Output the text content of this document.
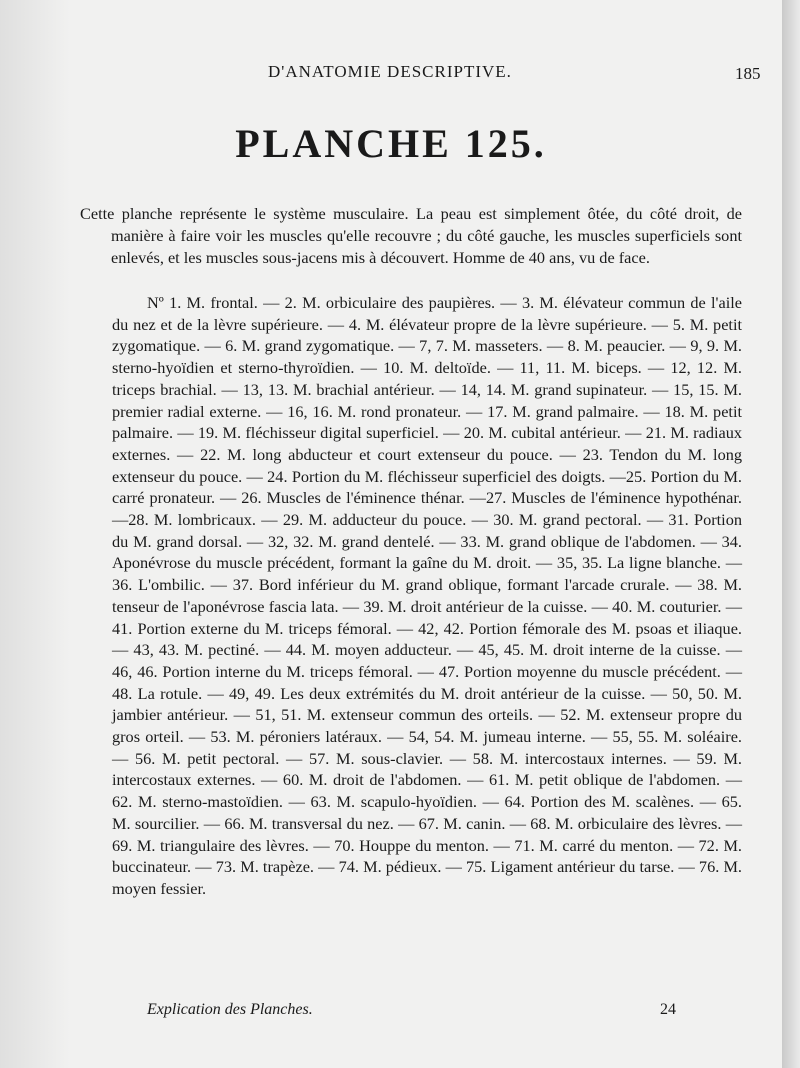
D'ANATOMIE DESCRIPTIVE.	185
PLANCHE 125.

Cette planche représente le système musculaire. La peau est simplement ôtée, du côté droit, de manière à faire voir les muscles qu'elle recouvre ; du côté gauche, les muscles superficiels sont enlevés, et les muscles sous-jacens mis à découvert. Homme de 40 ans, vu de face.

Nº 1. M. frontal. — 2. M. orbiculaire des paupières. — 3. M. élévateur commun de l'aile du nez et de la lèvre supérieure. — 4. M. élévateur propre de la lèvre supérieure. — 5. M. petit zygomatique. — 6. M. grand zygomatique. — 7, 7. M. masseters. — 8. M. peaucier. — 9, 9. M. sterno-hyoïdien et sterno-thyroïdien. — 10. M. deltoïde. — 11, 11. M. biceps. — 12, 12. M. triceps brachial. — 13, 13. M. brachial antérieur. — 14, 14. M. grand supinateur. — 15, 15. M. premier radial externe. — 16, 16. M. rond pronateur. — 17. M. grand palmaire. — 18. M. petit palmaire. — 19. M. fléchisseur digital superficiel. — 20. M. cubital antérieur. — 21. M. radiaux externes. — 22. M. long abducteur et court extenseur du pouce. — 23. Tendon du M. long extenseur du pouce. — 24. Portion du M. fléchisseur superficiel des doigts. —25. Portion du M. carré pronateur. — 26. Muscles de l'éminence thénar. —27. Muscles de l'éminence hypothénar. —28. M. lombricaux. — 29. M. adducteur du pouce. — 30. M. grand pectoral. — 31. Portion du M. grand dorsal. — 32, 32. M. grand dentelé. — 33. M. grand oblique de l'abdomen. — 34. Aponévrose du muscle précédent, formant la gaîne du M. droit. — 35, 35. La ligne blanche. — 36. L'ombilic. — 37. Bord inférieur du M. grand oblique, formant l'arcade crurale. — 38. M. tenseur de l'aponévrose fascia lata. — 39. M. droit antérieur de la cuisse. — 40. M. couturier. — 41. Portion externe du M. triceps fémoral. — 42, 42. Portion fémorale des M. psoas et iliaque. — 43, 43. M. pectiné. — 44. M. moyen adducteur. — 45, 45. M. droit interne de la cuisse. — 46, 46. Portion interne du M. triceps fémoral. — 47. Portion moyenne du muscle précédent. — 48. La rotule. — 49, 49. Les deux extrémités du M. droit antérieur de la cuisse. — 50, 50. M. jambier antérieur. — 51, 51. M. extenseur commun des orteils. — 52. M. extenseur propre du gros orteil. — 53. M. péroniers latéraux. — 54, 54. M. jumeau interne. — 55, 55. M. soléaire. — 56. M. petit pectoral. — 57. M. sous-clavier. — 58. M. intercostaux internes. — 59. M. intercostaux externes. — 60. M. droit de l'abdomen. — 61. M. petit oblique de l'abdomen. — 62. M. sterno-mastoïdien. — 63. M. scapulo-hyoïdien. — 64. Portion des M. scalènes. — 65. M. sourcilier. — 66. M. transversal du nez. — 67. M. canin. — 68. M. orbiculaire des lèvres. — 69. M. triangulaire des lèvres. — 70. Houppe du menton. — 71. M. carré du menton. — 72. M. buccinateur. — 73. M. trapèze. — 74. M. pédieux. — 75. Ligament antérieur du tarse. — 76. M. moyen fessier.

Explication des Planches.	24
